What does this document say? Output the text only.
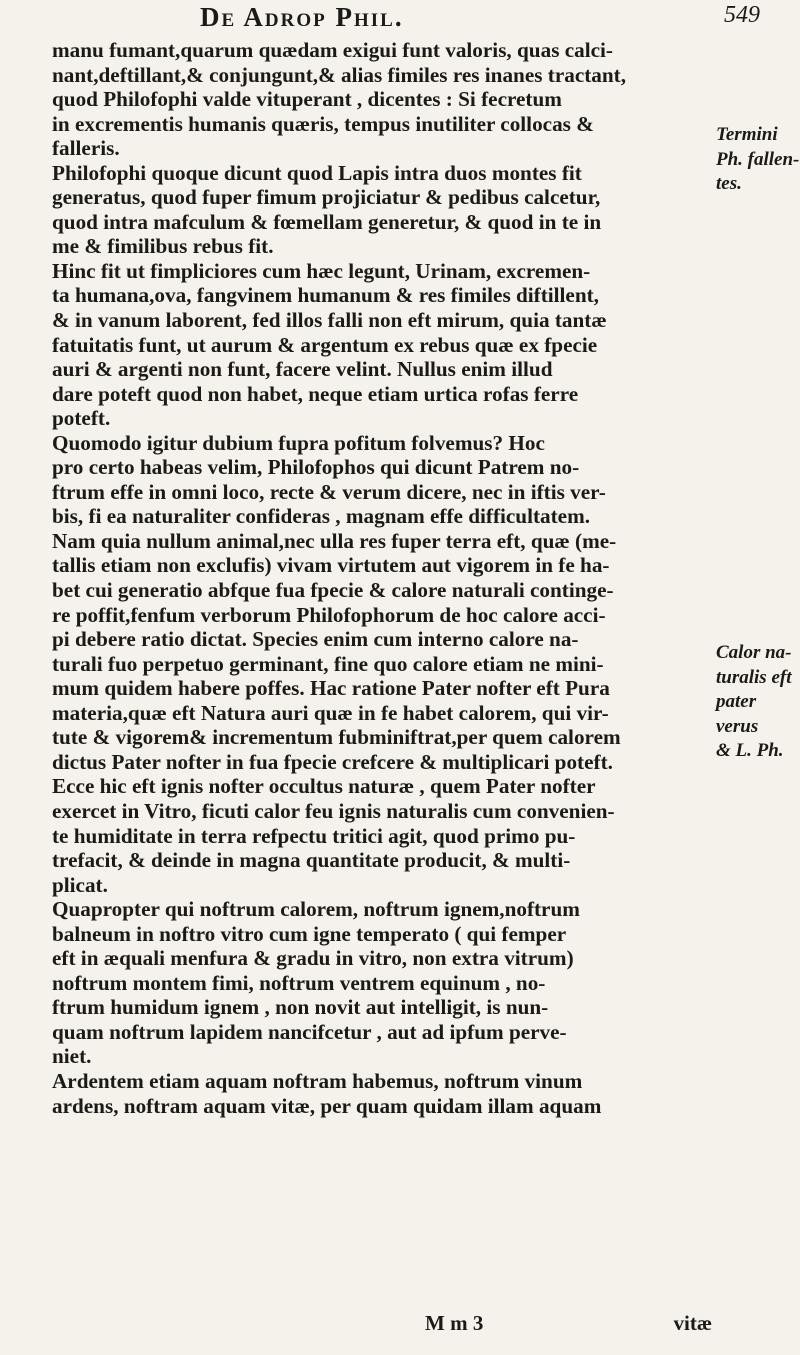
De Adrop Phil.	549

manu fumant,quarum quædam exigui funt valoris, quas calci-
nant,deftillant,& conjungunt,& alias fimiles res inanes tractant,
quod Philofophi valde vituperant , dicentes : Si fecretum
in excrementis humanis quæris, tempus inutiliter collocas &
falleris.

Philofophi quoque dicunt quod Lapis intra duos montes fit
generatus, quod fuper fimum projiciatur & pedibus calcetur,
quod intra mafculum & fœmellam generetur, & quod in te in
me & fimilibus rebus fit.

Hinc fit ut fimpliciores cum hæc legunt, Urinam, excremen-
ta humana,ova, fangvinem humanum & res fimiles diftillent,
& in vanum laborent, fed illos falli non eft mirum, quia tantæ
fatuitatis funt, ut aurum & argentum ex rebus quæ ex fpecie
auri & argenti non funt, facere velint. Nullus enim illud
dare poteft quod non habet, neque etiam urtica rofas ferre
poteft.

Quomodo igitur dubium fupra pofitum folvemus? Hoc
pro certo habeas velim, Philofophos qui dicunt Patrem no-
ftrum effe in omni loco, recte & verum dicere, nec in iftis ver-
bis, fi ea naturaliter confideras , magnam effe difficultatem.
Nam quia nullum animal,nec ulla res fuper terra eft, quæ (me-
tallis etiam non exclufis) vivam virtutem aut vigorem in fe ha-
bet cui generatio abfque fua fpecie & calore naturali continge-
re poffit,fenfum verborum Philofophorum de hoc calore acci-
pi debere ratio dictat. Species enim cum interno calore na-
turali fuo perpetuo germinant, fine quo calore etiam ne mini-
mum quidem habere poffes. Hac ratione Pater nofter eft Pura
materia,quæ eft Natura auri quæ in fe habet calorem, qui vir-
tute & vigorem& incrementum fubminiftrat,per quem calorem
dictus Pater nofter in fua fpecie crefcere & multiplicari poteft.
Ecce hic eft ignis nofter occultus naturæ , quem Pater nofter
exercet in Vitro, ficuti calor feu ignis naturalis cum convenien-
te humiditate in terra refpectu tritici agit, quod primo pu-
trefacit, & deinde in magna quantitate producit, & multi-
plicat.

Quapropter qui noftrum calorem, noftrum ignem,noftrum
balneum in noftro vitro cum igne temperato ( qui femper
eft in æquali menfura & gradu in vitro, non extra vitrum)
noftrum montem fimi, noftrum ventrem equinum , no-
ftrum humidum ignem , non novit aut intelligit, is nun-
quam noftrum lapidem nancifcetur , aut ad ipfum perve-
niet.

Ardentem etiam aquam noftram habemus, noftrum vinum
ardens, noftram aquam vitæ, per quam quidam illam aquam

Termini
Ph. fallen-
tes.
Calor na-
turalis eft
pater verus
& L. Ph.
M m 3	vitæ
